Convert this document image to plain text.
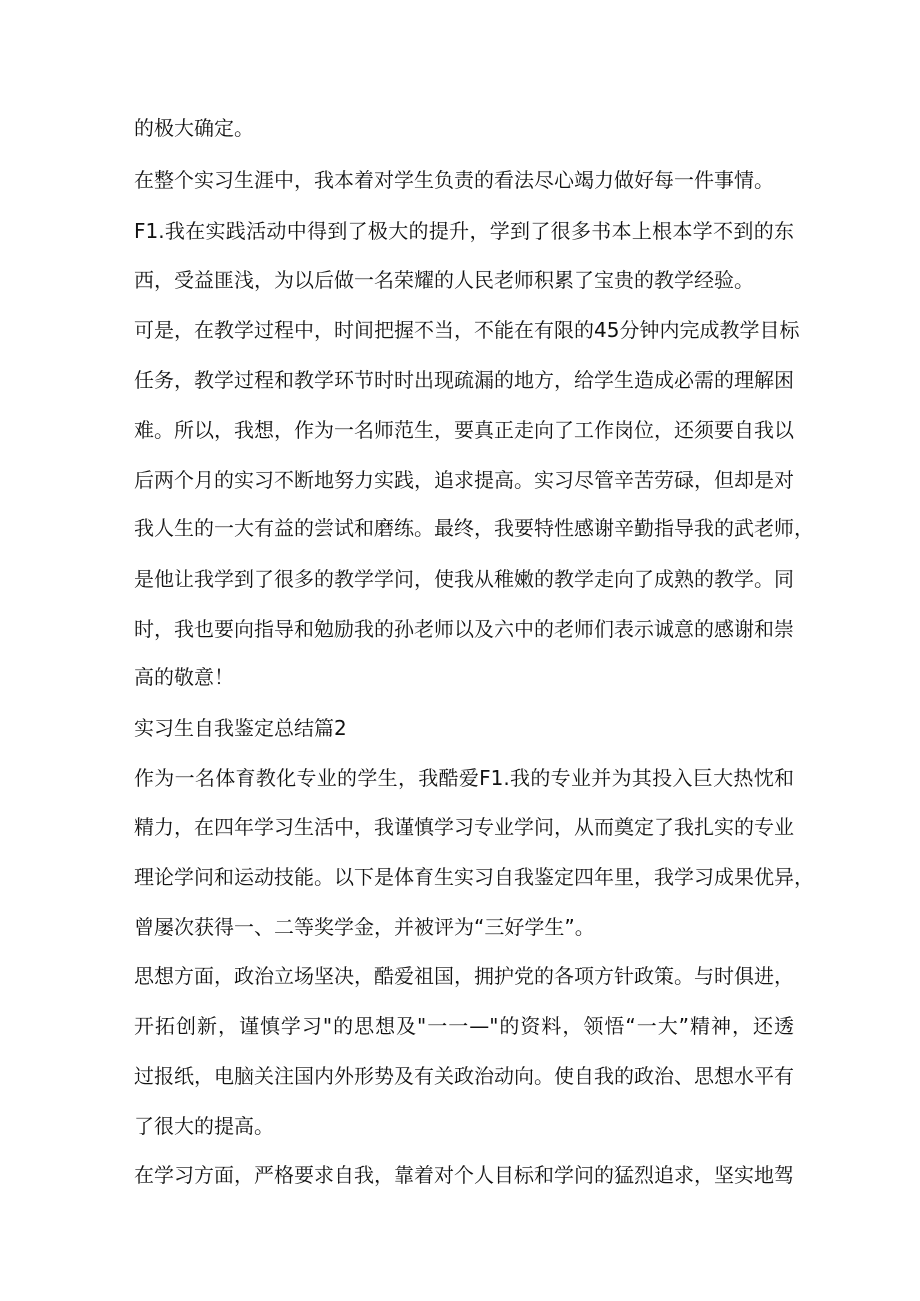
的极大确定。
在整个实习生涯中，我本着对学生负责的看法尽心竭力做好每一件事情。
F1.我在实践活动中得到了极大的提升，学到了很多书本上根本学不到的东
西，受益匪浅，为以后做一名荣耀的人民老师积累了宝贵的教学经验。
可是，在教学过程中，时间把握不当，不能在有限的45分钟内完成教学目标
任务，教学过程和教学环节时时出现疏漏的地方，给学生造成必需的理解困
难。所以，我想，作为一名师范生，要真正走向了工作岗位，还须要自我以
后两个月的实习不断地努力实践，追求提高。实习尽管辛苦劳碌，但却是对
我人生的一大有益的尝试和磨练。最终，我要特性感谢辛勤指导我的武老师，
是他让我学到了很多的教学学问，使我从稚嫩的教学走向了成熟的教学。同
时，我也要向指导和勉励我的孙老师以及六中的老师们表示诚意的感谢和崇
高的敬意！
实习生自我鉴定总结篇2
作为一名体育教化专业的学生，我酷爱F1.我的专业并为其投入巨大热忱和
精力，在四年学习生活中，我谨慎学习专业学问，从而奠定了我扎实的专业
理论学问和运动技能。以下是体育生实习自我鉴定四年里，我学习成果优异，
曾屡次获得一、二等奖学金，并被评为“三好学生”。
思想方面，政治立场坚决，酷爱祖国，拥护党的各项方针政策。与时俱进，
开拓创新，谨慎学习"的思想及"一一—"的资料，领悟“一大”精神，还透
过报纸，电脑关注国内外形势及有关政治动向。使自我的政治、思想水平有
了很大的提高。
在学习方面，严格要求自我，靠着对个人目标和学问的猛烈追求，坚实地驾
